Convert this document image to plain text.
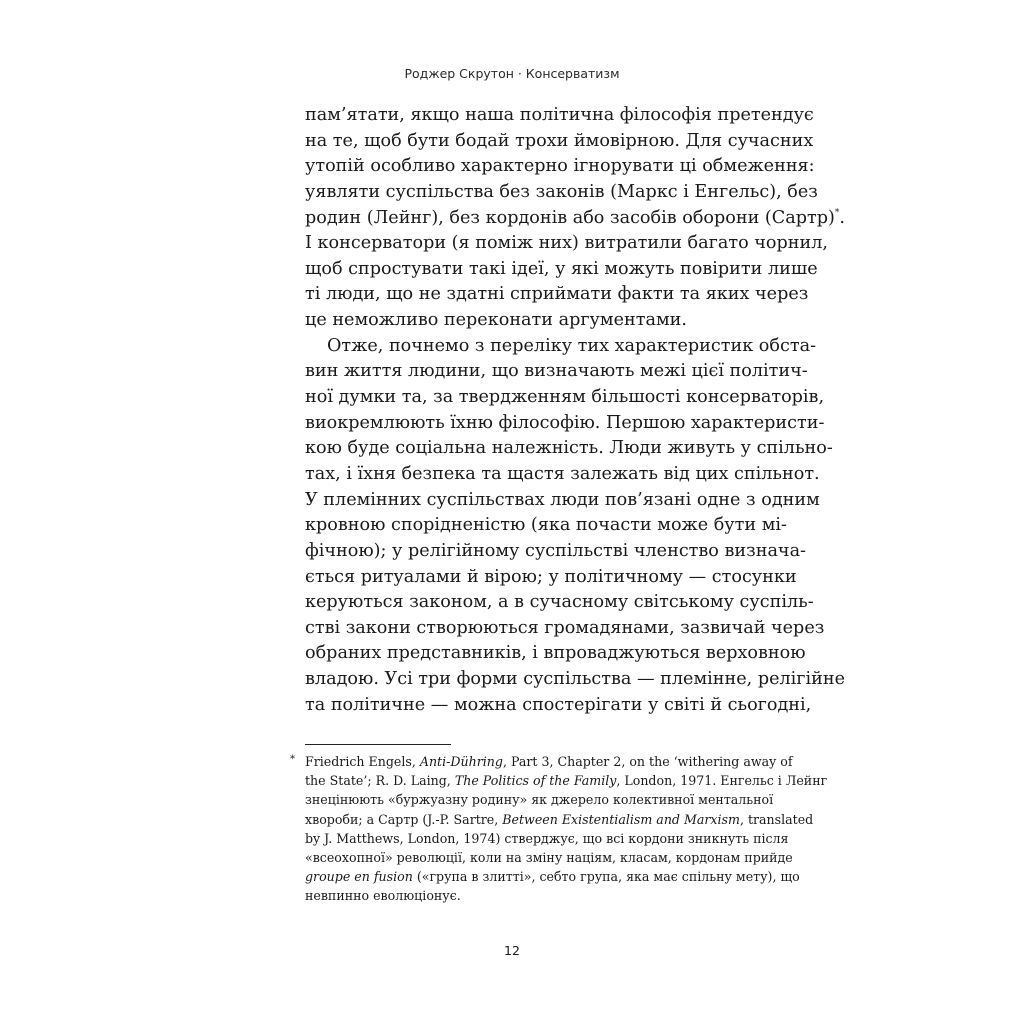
Роджер Скрутон · Консерватизм
пам’ятати, якщо наша політична філософія претендує
на те, щоб бути бодай трохи ймовірною. Для сучасних
утопій особливо характерно ігнорувати ці обмеження:
уявляти суспільства без законів (Маркс і Енгельс), без
родин (Лейнг), без кордонів або засобів оборони (Сартр)*.
І консерватори (я поміж них) витратили багато чорнил,
щоб спростувати такі ідеї, у які можуть повірити лише
ті люди, що не здатні сприймати факти та яких через
це неможливо переконати аргументами.
Отже, почнемо з переліку тих характеристик обста-
вин життя людини, що визначають межі цієї політич-
ної думки та, за твердженням більшості консерваторів,
виокремлюють їхню філософію. Першою характеристи-
кою буде соціальна належність. Люди живуть у спільно-
тах, і їхня безпека та щастя залежать від цих спільнот.
У племінних суспільствах люди пов’язані одне з одним
кровною спорідненістю (яка почасти може бути мі-
фічною); у релігійному суспільстві членство визнача-
ється ритуалами й вірою; у політичному — стосунки
керуються законом, а в сучасному світському суспіль-
стві закони створюються громадянами, зазвичай через
обраних представників, і впроваджуються верховною
владою. Усі три форми суспільства — племінне, релігійне
та політичне — можна спостерігати у світі й сьогодні,
* Friedrich Engels, Anti-Dühring, Part 3, Chapter 2, on the ‘withering away of
the State’; R. D. Laing, The Politics of the Family, London, 1971. Енгельс і Лейнг
знецінюють «буржуазну родину» як джерело колективної ментальної
хвороби; а Сартр (J.-P. Sartre, Between Existentialism and Marxism, translated
by J. Matthews, London, 1974) стверджує, що всі кордони зникнуть після
«всеохопної» революції, коли на зміну націям, класам, кордонам прийде
groupe en fusion («група в злитті», себто група, яка має спільну мету), що
невпинно еволюціонує.
12
